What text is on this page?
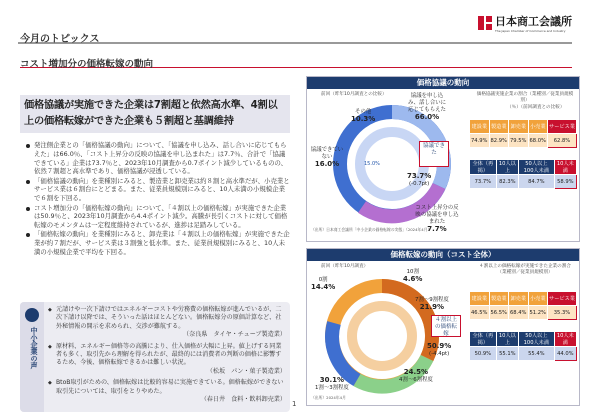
今月のトピックス
日本商工会議所
The Japan Chamber of Commerce and Industry
コスト増加分の価格転嫁の動向
価格協議が実施できた企業は7割超と依然高水準、4割以上の価格転嫁ができた企業も５割超と基調維持
発注側企業との「価格協議の動向」について、「協議を申し込み、話し合いに応じてもらえた」は66.0％、「コスト上昇分の反映の協議を申し込まれた」は7.7％、合計で「協議できている」企業は73.7％と、2023年10月調査から0.7ポイント減少しているものの、依然７割超と高水準であり、価格協議が浸透している。
「価格協議の動向」を業種別にみると、製造業と卸売業は約８割と高水準だが、小売業とサービス業は６割台にとどまる。また、従業員規模別にみると、10人未満の小規模企業で６割を下回る。
コスト増加分の「価格転嫁の動向」について、「４割以上の価格転嫁」が実施できた企業は50.9％と、2023年10月調査から4.4ポイント減少。高騰が長引くコストに対して価格転嫁のモメンタムは一定程度維持されているが、進捗は足踏みしている。
「価格転嫁の動向」を業種別にみると、卸売業は「４割以上の価格転嫁」が実施できた企業が約７割だが、サービス業は３割強と低水準。また、従業員規模別にみると、10人未満の小規模企業で平均を下回る。
中小企業の声
◆ 元請けや一次下請けではエネルギーコストや労務費の価格転嫁が進んでいるが、二次下請け以降では、そういった話はほとんどない。価格転嫁分の原価計算など、社外秘情報の開示を求められ、交渉が難航する。
（奈良県　タイヤ・チューブ製造業）
◆ 原材料、エネルギー価格等の高騰により、仕入価格が大幅に上昇。値上げする同業者も多く、取引先から理解を得られたが、最終的には消費者の判断の価格に影響するため、今後、価格転嫁できるかは難しい状況。
（松坂　パン・菓子製造業）
◆ BtoB取引がための、価格転嫁は比較的容易に実施できている。価格転嫁ができない取引先については、取引をとりやめた。
（春日井　食料・飲料卸売業）
1
価格協議の動向
前回（昨年10月調査との比較）
その他
10.3%
協議を申し込み、話し合いに応じてもらえた
66.0%
協議できていない
16.0%	15.0%
協議できた
73.7%
(-0.7pt)
コスト上昇分の反映の協議を申し込まれた
7.7%
価格協議実施企業の割合（業種別／従業員規模別）
（％）（前回調査との比較）
建設業	製造業	卸売業	小売業	サービス業
74.9%	82.9%	79.5%	68.0%	62.8%
全体（再掲）	10人以上	50人以上 100人未満	10人未満
73.7%	82.3%	84.7%	58.9%
（出所）日本商工会議所「中小企業の価格転嫁の実態」（2024年4月）
価格転嫁の動向（コスト全体）
前回（昨年10月調査）
10割
4.6%
7割〜9割程度
21.9%
４割以上の価格転嫁
50.9%
(-4.4pt)
24.5%
4割〜6割程度
30.1%
1割〜3割程度
0割
14.4%
４割以上の価格転嫁が実施できた企業の割合（業種別／従業員規模別）
建設業	製造業	卸売業	小売業	サービス業
46.5%	56.5%	68.4%	51.2%	35.3%
全体（再掲）	10人以上	50人以上 100人未満	10人未満
50.9%	55.1%	55.4%	44.0%
（出所）2024年4月
